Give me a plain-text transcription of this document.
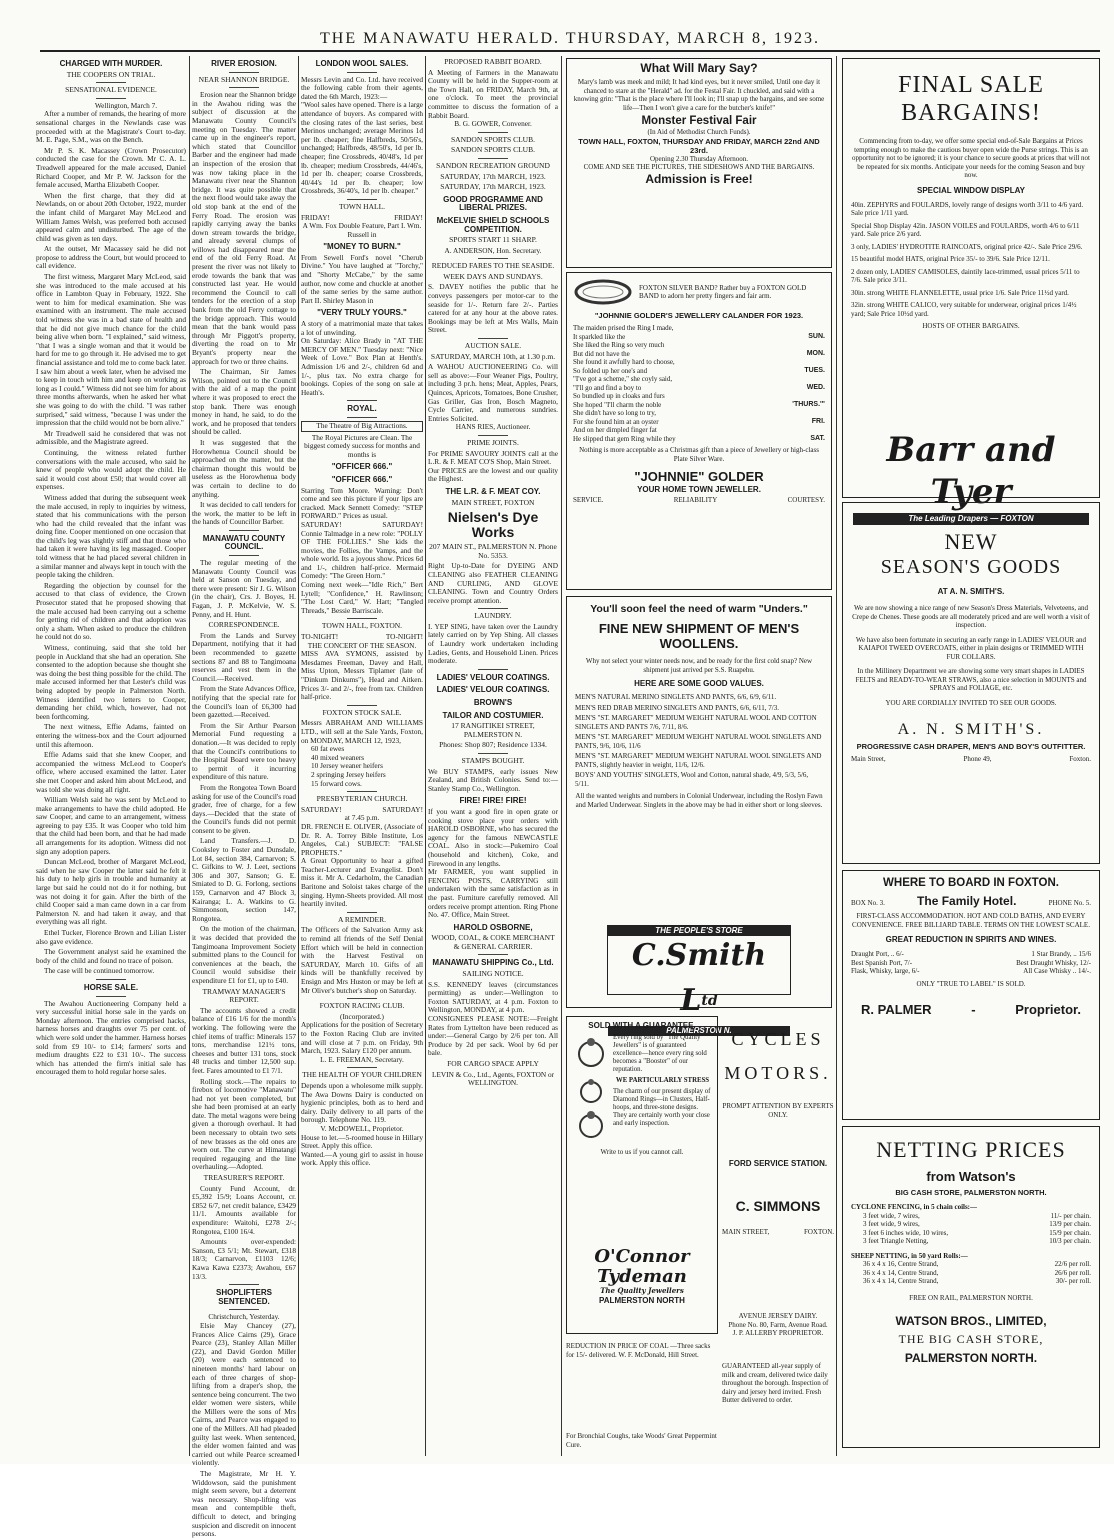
THE MANAWATU HERALD. THURSDAY, MARCH 8, 1923.
CHARGED WITH MURDER.
THE COOPERS ON TRIAL.
SENSATIONAL EVIDENCE.
Wellington, March 7.

After a number of remands, the hearing of more sensational charges in the Newlands case was proceeded with at the Magistrate's Court to-day. M. E. Page, S.M., was on the Bench.

Mr P. S. K. Macassey (Crown Prosecutor) conducted the case for the Crown. Mr C. A. L. Treadwell appeared for the male accused, Daniel Richard Cooper, and Mr P. W. Jackson for the female accused, Martha Elizabeth Cooper.

When the first charge, that they did at Newlands, on or about 20th October, 1922, murder the infant child of Margaret May McLeod and William James Welsh, was preferred both accused appeared calm and undisturbed. The age of the child was given as ten days.

At the outset, Mr Macassey said he did not propose to address the Court, but would proceed to call evidence.

The first witness, Margaret Mary McLeod, said she was introduced to the male accused at his office in Lambton Quay in February, 1922. She went to him for medical examination. She was examined with an instrument. The male accused told witness she was in a bad state of health and that he did not give much chance for the child being alive when born. "I explained," said witness, "that I was a single woman and that it would be hard for me to go through it. He advised me to get financial assistance and told me to come back later. I saw him about a week later, when he advised me to keep in touch with him and keep on working as long as I could." Witness did not see him for about three months afterwards, when he asked her what she was going to do with the child. "I was rather surprised," said witness, "because I was under the impression that the child would not be born alive."

Mr Treadwell said he considered that was not admissible, and the Magistrate agreed.

Continuing, the witness related further conversations with the male accused, who said he knew of people who would adopt the child. He said it would cost about £50; that would cover all expenses.

Witness added that during the subsequent week the male accused, in reply to inquiries by witness, stated that his communications with the person who had the child revealed that the infant was doing fine. Cooper mentioned on one occasion that the child's leg was slightly stiff and that those who had taken it were having its leg massaged. Cooper told witness that he had placed several children in a similar manner and always kept in touch with the people taking the children.

Regarding the objection by counsel for the accused to that class of evidence, the Crown Prosecutor stated that he proposed showing that the male accused had been carrying out a scheme for getting rid of children and that adoption was only a sham. When asked to produce the children he could not do so.

Witness, continuing, said that she told her people in Auckland that she had an operation. She consented to the adoption because she thought she was doing the best thing possible for the child. The male accused informed her that Lester's child was being adopted by people in Palmerston North. Witness identified two letters to Cooper, demanding her child, which, however, had not been forthcoming.

The next witness, Effie Adams, fainted on entering the witness-box and the Court adjourned until this afternoon.

Effie Adams said that she knew Cooper, and accompanied the witness McLeod to Cooper's office, where accused examined the latter. Later she met Cooper and asked him about McLeod, and was told she was doing all right.

William Welsh said he was sent by McLeod to make arrangements to have the child adopted. He saw Cooper, and came to an arrangement, witness agreeing to pay £35. It was Cooper who told him that the child had been born, and that he had made all arrangements for its adoption. Witness did not sign any adoption papers.

Duncan McLeod, brother of Margaret McLeod, said when he saw Cooper the latter said he felt it his duty to help girls in trouble and humanity at large but said he could not do it for nothing, but was not doing it for gain. After the birth of the child Cooper said a man came down in a car from Palmerston N. and had taken it away, and that everything was all right.

Ethel Tucker, Florence Brown and Lilian Lister also gave evidence.

The Government analyst said he examined the body of the child and found no trace of poison.

The case will be continued tomorrow.

HORSE SALE.

The Awahou Auctioneering Company held a very successful initial horse sale in the yards on Monday afternoon. The entries comprised hacks, harness horses and draughts over 75 per cent. of which were sold under the hammer. Harness horses sold from £9 10/- to £14; farmers' sorts and medium draughts £22 to £31 10/-. The success which has attended the firm's initial sale has encouraged them to hold regular horse sales.

RIVER EROSION.
NEAR SHANNON BRIDGE.

Erosion near the Shannon bridge in the Awahou riding was the subject of discussion at the Manawatu County Council's meeting on Tuesday. The matter came up in the engineer's report, which stated that Councillor Barber and the engineer had made an inspection of the erosion that was now taking place in the Manawatu river near the Shannon bridge. It was quite possible that the next flood would take away the old stop bank at the end of the Ferry Road. The erosion was rapidly carrying away the banks down stream towards the bridge, and already several clumps of willows had disappeared near the end of the old Ferry Road. At present the river was not likely to erode towards the bank that was constructed last year. He would recommend the Council to call tenders for the erection of a stop bank from the old Ferry cottage to the bridge approach. This would mean that the bank would pass through Mr Piggott's property, diverting the road on to Mr Bryant's property near the approach for two or three chains.

The Chairman, Sir James Wilson, pointed out to the Council with the aid of a map the point where it was proposed to erect the stop bank. There was enough money in hand, he said, to do the work, and he proposed that tenders should be called.

It was suggested that the Horowhenua Council should be approached on the matter, but the chairman thought this would be useless as the Horowhenua body was certain to decline to do anything.

It was decided to call tenders for the work, the matter to be left in the hands of Councillor Barber.

MANAWATU COUNTY COUNCIL.

The regular meeting of the Manawatu County Council was held at Sanson on Tuesday, and there were present: Sir J. G. Wilson (in the chair), Crs. J. Boyes, H. Fagan, J. P. McKelvie, W. S. Penny, and H. Hunt.

CORRESPONDENCE.

From the Lands and Survey Department, notifying that it had been recommended to gazette sections 87 and 88 to Tangimoana reserves and vest them in the Council.—Received.

From the State Advances Office, notifying that the special rate for the Council's loan of £6,300 had been gazetted.—Received.

From the Sir Arthur Pearson Memorial Fund requesting a donation.—It was decided to reply that the Council's contributions to the Hospital Board were too heavy to permit of it incurring expenditure of this nature.

From the Rongotea Town Board asking for use of the Council's road grader, free of charge, for a few days.—Decided that the state of the Council's funds did not permit consent to be given.

Land Transfers.—J. D. Cooksley to Foster and Dunsdale, Lot 84, section 384, Carnarvon; S. C. Gifkins to W. J. Leet, sections 306 and 307, Sanson; G. E. Smiated to D. G. Forlong, sections 159, Carnarvon and 47 Block 3, Kairanga; L. A. Watkins to G. Simmonson, section 147, Rongotea.

On the motion of the chairman, it was decided that provided the Tangimoana Improvement Society submitted plans to the Council for conveniences at the beach, the Council would subsidise their expenditure £1 for £1, up to £40.

TRAMWAY MANAGER'S REPORT.

The accounts showed a credit balance of £16 1/6 for the month's working. The following were the chief items of traffic: Minerals 157 tons, merchandise 121½ tons, cheeses and butter 131 tons, stock 48 trucks and timber 12,500 sup. feet. Fares amounted to £1 7/1.

Rolling stock.—The repairs to firebox of locomotive "Manawatu" had not yet been completed, but she had been promised at an early date. The metal wagons were being given a thorough overhaul. It had been necessary to obtain two sets of new brasses as the old ones are worn out. The curve at Himatangi required regauging and the line overhauling.—Adopted.

TREASURER'S REPORT.

County Fund Account, dr. £5,392 15/9; Loans Account, cr. £852 6/7, net credit balance, £3429 11/1. Amounts available for expenditure: Waitohi, £278 2/-; Rongotea, £100 16/4.

Amounts over-expended: Sanson, £3 5/1; Mt. Stewart, £318 18/3; Carnarvon, £1103 12/6; Kawa Kawa £2373; Awahou, £67 13/3.

SHOPLIFTERS SENTENCED.
Christchurch, Yesterday.

Elsie May Chancey (27), Frances Alice Cairns (29), Grace Pearce (23), Stanley Allan Miller (22), and David Gordon Miller (20) were each sentenced to nineteen months' hard labour on each of three charges of shop-lifting from a draper's shop, the sentence being concurrent. The two elder women were sisters, while the Millers were the sons of Mrs Cairns, and Pearce was engaged to one of the Millers. All had pleaded guilty last week. When sentenced, the elder women fainted and was carried out while Pearce screamed violently.

The Magistrate, Mr H. Y. Widdowson, said the punishment might seem severe, but a deterrent was necessary. Shop-lifting was mean and contemptible theft, difficult to detect, and bringing suspicion and discredit on innocent persons.

LONDON WOOL SALES.

Messrs Levin and Co. Ltd. have received the following cable from their agents, dated the 6th March, 1923:—

"Wool sales have opened. There is a large attendance of buyers. As compared with the closing rates of the last series, best Merinos unchanged; average Merinos 1d per lb. cheaper; fine Halfbreds, 50/56's, unchanged; Halfbreds, 48/50's, 1d per lb. cheaper; fine Crossbreds, 40/48's, 1d per lb. cheaper; medium Crossbreds, 44/46's, 1d per lb. cheaper; coarse Crossbreds, 40/44's 1d per lb. cheaper; low Crossbreds, 36/40's, 1d per lb. cheaper."

TOWN HALL.
FRIDAY!	FRIDAY!
A Wm. Fox Double Feature, Part I. Wm. Russell in
"MONEY TO BURN."

From Sewell Ford's novel "Cherub Divine." You have laughed at "Torchy," and "Shorty McCabe," by the same author, now come and chuckle at another of the same series by the same author. Part II. Shirley Mason in

"VERY TRULY YOURS."

A story of a matrimonial maze that takes a lot of unwinding.

On Saturday: Alice Brady in "AT THE MERCY OF MEN." Tuesday next: "Nice Week of Love." Box Plan at Henth's. Admission 1/6 and 2/-, children 6d and 1/-, plus tax. No extra charge for bookings. Copies of the song on sale at Heath's.

ROYAL.
The Theatre of Big Attractions.
The Royal Pictures are Clean. The biggest comedy success for months and months is
"OFFICER 666."
"OFFICER 666."

Starring Tom Moore. Warning: Don't come and see this picture if your lips are cracked. Mack Sennett Comedy: "STEP FORWARD." Prices as usual.

SATURDAY!	SATURDAY!

Connie Talmadge in a new role: "POLLY OF THE FOLLIES." She kids the movies, the Follies, the Vamps, and the whole world. Its a joyous show. Prices 6d and 1/-, children half-price. Mermaid Comedy: "The Green Horn."

Coming next week—"Idle Rich," Bert Lytell; "Confidence," H. Rawlinson; "The Lost Card," W. Hart; "Tangled Threads," Bessie Barriscale.

TOWN HALL, FOXTON.
TO-NIGHT!	TO-NIGHT!
THE CONCERT OF THE SEASON.

MISS AVA SYMONS, assisted by Mesdames Freeman, Davey and Hall, Miss Upton, Messrs Tiplamer (late of "Dinkum Dinkums"), Head and Aitken. Prices 3/- and 2/-, free from tax. Children half-price.

FOXTON STOCK SALE.

Messrs ABRAHAM AND WILLIAMS LTD., will sell at the Sale Yards, Foxton, on MONDAY, MARCH 12, 1923,

60 fat ewes
40 mixed weaners
10 Jersey weaner heifers
2 springing Jersey heifers
15 forward cows.

PRESBYTERIAN CHURCH.
SATURDAY!	SATURDAY!
at 7.45 p.m.

DR. FRENCH E. OLIVER, (Associate of Dr. R. A. Torrey Bible Institute, Los Angeles, Cal.) SUBJECT: "FALSE PROPHETS."

A Great Opportunity to hear a gifted Teacher-Lecturer and Evangelist. Don't miss it. Mr A. Cedarholm, the Canadian Baritone and Soloist takes charge of the singing. Hymn-Sheets provided. All most heartily invited.

A REMINDER.

The Officers of the Salvation Army ask to remind all friends of the Self Denial Effort which will be held in connection with the Harvest Festival on SATURDAY, March 10. Gifts of all kinds will be thankfully received by Ensign and Mrs Huston or may be left at Mr Oliver's butcher's shop on Saturday.

FOXTON RACING CLUB.
(Incorporated.)

Applications for the position of Secretary to the Foxton Racing Club are invited and will close at 7 p.m. on Friday, 9th March, 1923. Salary £120 per annum.

L. E. FREEMAN, Secretary.
THE HEALTH OF YOUR CHILDREN

Depends upon a wholesome milk supply. The Awa Downs Dairy is conducted on hygienic principles, both as to herd and dairy. Daily delivery to all parts of the borough. Telephone No. 119.

V. McDOWELL, Proprietor.

House to let.—5-roomed house in Hillary Street. Apply this office.

Wanted.—A young girl to assist in house work. Apply this office.

PROPOSED RABBIT BOARD.

A Meeting of Farmers in the Manawatu County will be held in the Supper-room at the Town Hall, on FRIDAY, March 9th, at one o'clock. To meet the provincial committee to discuss the formation of a Rabbit Board.

B. G. GOWER, Convener.
SANDON SPORTS CLUB.
SANDON SPORTS CLUB.
SANDON RECREATION GROUND
SATURDAY, 17th MARCH, 1923.
SATURDAY, 17th MARCH, 1923.
GOOD PROGRAMME AND LIBERAL PRIZES.
McKELVIE SHIELD SCHOOLS COMPETITION.
SPORTS START 11 SHARP.
A. ANDERSON, Hon. Secretary.
REDUCED FARES TO THE SEASIDE.
WEEK DAYS AND SUNDAYS.

S. DAVEY notifies the public that he conveys passengers per motor-car to the seaside for 1/-. Return fare 2/-. Parties catered for at any hour at the above rates. Bookings may be left at Mrs Walls, Main Street.

AUCTION SALE.
SATURDAY, MARCH 10th, at 1.30 p.m.

A WAHOU AUCTIONEERING Co. will sell as above:—Four Weaner Pigs, Poultry, including 3 pr.h. hens; Meat, Apples, Pears, Quinces, Apricots, Tomatoes, Bone Crusher, Gas Griller, Gas Iron, Bosch Magneto, Cycle Carrier, and numerous sundries. Entries Solicited.

HANS RIES, Auctioneer.
PRIME JOINTS.

For PRIME SAVOURY JOINTS call at the L.R. & F. MEAT CO'S Shop, Main Street.

Our PRICES are the lowest and our quality the Highest.

THE L.R. & F. MEAT COY.
MAIN STREET, FOXTON
Nielsen's Dye Works
207 MAIN ST., PALMERSTON N. Phone No. 5353.

Right Up-to-Date for DYEING AND CLEANING also FEATHER CLEANING AND CURLING, AND GLOVE CLEANING. Town and Country Orders receive prompt attention.

LAUNDRY.

I. YEP SING, have taken over the Laundry lately carried on by Yep Shing. All classes of Laundry work undertaken including Ladies, Gents, and Household Linen. Prices moderate.

LADIES' VELOUR COATINGS.
LADIES' VELOUR COATINGS.
BROWN'S
TAILOR AND COSTUMIER.
17 RANGITIKEI STREET, PALMERSTON N.
Phones: Shop 807; Residence 1334.
STAMPS BOUGHT.

We BUY STAMPS, early issues New Zealand, and British Colonies. Send to:—Stanley Stamp Co., Wellington.

FIRE! FIRE! FIRE!

If you want a good fire in open grate or cooking stove place your orders with HAROLD OSBORNE, who has secured the agency for the famous NEWCASTLE COAL. Also in stock:—Pukemiro Coal (household and kitchen), Coke, and Firewood in any lengths.

Mr FARMER, you want supplied in FENCING POSTS, CARRYING still undertaken with the same satisfaction as in the past. Furniture carefully removed. All orders receive prompt attention. Ring Phone No. 47. Office, Main Street.

HAROLD OSBORNE,
WOOD, COAL, & COKE MERCHANT & GENERAL CARRIER.
MANAWATU SHIPPING Co., Ltd.
SAILING NOTICE.

S.S. KENNEDY leaves (circumstances permitting) as under:—Wellington to Foxton SATURDAY, at 4 p.m. Foxton to Wellington, MONDAY, at 4 p.m.

CONSIGNEES PLEASE NOTE:—Freight Rates from Lyttelton have been reduced as under:—General Cargo by 2/6 per ton. All Produce by 2d per sack. Wool by 6d per bale.

FOR CARGO SPACE APPLY
LEVIN & Co., Ltd., Agents, FOXTON or WELLINGTON.
What Will Mary Say?
Mary's lamb was meek and mild; It had kind eyes, but it never smiled, Until one day it chanced to stare at the "Herald" ad. for the Festal Fair. It chuckled, and said with a knowing grin: "That is the place where I'll look in; I'll snap up the bargains, and see some life—Then I won't give a care for the butcher's knife!"
Monster Festival Fair
(In Aid of Methodist Church Funds).
TOWN HALL, FOXTON, THURSDAY AND FRIDAY, MARCH 22nd AND 23rd.
Opening 2.30 Thursday Afternoon.
COME AND SEE THE PICTURES, THE SIDESHOWS AND THE BARGAINS.
Admission is Free!
FOXTON SILVER BAND? Rather buy a FOXTON GOLD BAND to adorn her pretty fingers and fair arm.
"JOHNNIE GOLDER'S JEWELLERY CALANDER FOR 1923.
The maiden prised the Ring I made,
It sparkled like the	SUN.
She liked the Ring so very much
But did not have the	MON.
She found it awfully hard to choose,
So folded up her one's and	TUES.
"I've got a scheme," she coyly said,
"I'll go and find a boy to	WED.
So bundled up in cloaks and furs
She hoped "I'll charm the noble	'THURS.'"
She didn't have so long to try,
For she found him at an oyster	FRI.
And on her dimpled finger fat
He slipped that gem Ring while they	SAT.
Nothing is more acceptable as a Christmas gift than a piece of Jewellery or high-class Plate Silver Ware.
"JOHNNIE" GOLDER
YOUR HOME TOWN JEWELLER.
SERVICE.	RELIABILITY	COURTESY.
You'll soon feel the need of warm "Unders."
FINE NEW SHIPMENT OF MEN'S WOOLLENS.
Why not select your winter needs now, and be ready for the first cold snap? New shipment just arrived per S.S. Ruapehu.
HERE ARE SOME GOOD VALUES.
MEN'S NATURAL MERINO SINGLETS AND PANTS, 6/6, 6/9, 6/11.
MEN'S RED DRAB MERINO SINGLETS AND PANTS, 6/6, 6/11, 7/3.
MEN'S "ST. MARGARET" MEDIUM WEIGHT NATURAL WOOL AND COTTON SINGLETS AND PANTS 7/6, 7/11, 8/6.
MEN'S "ST. MARGARET" MEDIUM WEIGHT NATURAL WOOL SINGLETS AND PANTS, 9/6, 10/6, 11/6
MEN'S "ST. MARGARET" MEDIUM WEIGHT NATURAL WOOL SINGLETS AND PANTS, slightly heavier in weight, 11/6, 12/6.
BOYS' AND YOUTHS' SINGLETS, Wool and Cotton, natural shade, 4/9, 5/3, 5/6, 5/11.
All the wanted weights and numbers in Colonial Underwear, including the Roslyn Fawn and Marled Underwear. Singlets in the above may be had in either short or long sleeves.
THE PEOPLE'S STORE
C.Smith Ltd
PALMERSTON N.
SOLD WITH A GUARANTEE.
Every ring sold by "The Quality Jewellers" is of guaranteed excellence—hence every ring sold becomes a "Booster" of our reputation.
WE PARTICULARLY STRESS
The charm of our present display of Diamond Rings—in Clusters, Half-hoops, and three-stone designs. They are certainly worth your close and early inspection.
Write to us if you cannot call.
O'Connor
Tydeman
The Quality Jewellers
PALMERSTON NORTH
CYCLES
MOTORS.
PROMPT ATTENTION BY EXPERTS ONLY.
FORD SERVICE STATION.
C. SIMMONS
MAIN STREET,	FOXTON.
AVENUE JERSEY DAIRY.
Phone No. 80, Farm, Avenue Road.
J. P. ALLERBY PROPRIETOR.
REDUCTION IN PRICE OF COAL —Three sacks for 15/- delivered. W. F. McDonald, Hill Street.
For Bronchial Coughs, take Woods' Great Peppermint Cure.
GUARANTEED all-year supply of milk and cream, delivered twice daily throughout the borough. Inspection of dairy and jersey herd invited. Fresh Butter delivered to order.
FINAL SALE
BARGAINS!
Commencing from to-day, we offer some special end-of-Sale Bargains at Prices tempting enough to make the cautious buyer open wide the Purse strings. This is an opportunity not to be ignored; it is your chance to secure goods at prices that will not be repeated for six months. Anticipate your needs for the coming Season and buy now.
SPECIAL WINDOW DISPLAY
40in. ZEPHYRS and FOULARDS, lovely range of designs worth 3/11 to 4/6 yard. Sale price 1/11 yard.
Special Shop Display 42in. JASON VOILES and FOULARDS, worth 4/6 to 6/11 yard. Sale price 2/6 yard.
3 only, LADIES' HYDROTITE RAINCOATS, original price 42/-. Sale Price 29/6.
15 beautiful model HATS, original Price 35/- to 39/6. Sale Price 12/11.
2 dozen only, LADIES' CAMISOLES, daintily lace-trimmed, usual prices 5/11 to 7/6. Sale price 3/11.
30in. strong WHITE FLANNELETTE, usual price 1/6. Sale Price 11½d yard.
32in. strong WHITE CALICO, very suitable for underwear, original prices 1/4½ yard; Sale Price 10½d yard.
HOSTS OF OTHER BARGAINS.
Barr and Tyer
The Leading Drapers — FOXTON
NEW
SEASON'S GOODS
AT A. N. SMITH'S.
We are now showing a nice range of new Season's Dress Materials, Velveteens, and Crepe de Chenes. These goods are all moderately priced and are well worth a visit of inspection.
We have also been fortunate in securing an early range in LADIES' VELOUR and KAIAPOI TWEED OVERCOATS, either in plain designs or TRIMMED WITH FUR COLLARS.
In the Millinery Department we are showing some very smart shapes in LADIES FELTS and READY-TO-WEAR STRAWS, also a nice selection in MOUNTS and SPRAYS and FOLIAGE, etc.
YOU ARE CORDIALLY INVITED TO SEE OUR GOODS.
A. N. SMITH'S.
PROGRESSIVE CASH DRAPER, MEN'S AND BOY'S OUTFITTER.
Main Street,	Phone 49,	Foxton.
WHERE TO BOARD IN FOXTON.
BOX No. 3.	The Family Hotel.	PHONE No. 5.
FIRST-CLASS ACCOMMODATION. HOT AND COLD BATHS, AND EVERY CONVENIENCE. FREE BILLIARD TABLE. TERMS ON THE LOWEST SCALE.
GREAT REDUCTION IN SPIRITS AND WINES.
Draught Port, .. 6/-	1 Star Brandy, .. 15/6
Best Spanish Port, 7/-	Best Draught Whisky, 12/-
Flask, Whisky, large, 6/-	All Case Whisky .. 14/-.
ONLY "TRUE TO LABEL" IS SOLD.
R. PALMER	-	Proprietor.
NETTING PRICES
from Watson's
BIG CASH STORE, PALMERSTON NORTH.
CYCLONE FENCING, in 5 chain coils:—
3 feet wide, 7 wires,	11/- per chain.
3 feet wide, 9 wires,	13/9 per chain.
3 feet 6 inches wide, 10 wires,	15/9 per chain.
3 feet Triangle Netting,	10/3 per chain.
SHEEP NETTING, in 50 yard Rolls:—
36 x 4 x 16, Centre Strand,	22/6 per roll.
36 x 4 x 14, Centre Strand,	26/6 per roll.
36 x 4 x 14, Centre Strand,	30/- per roll.
FREE ON RAIL, PALMERSTON NORTH.
WATSON BROS., LIMITED,
THE BIG CASH STORE,
PALMERSTON NORTH.
